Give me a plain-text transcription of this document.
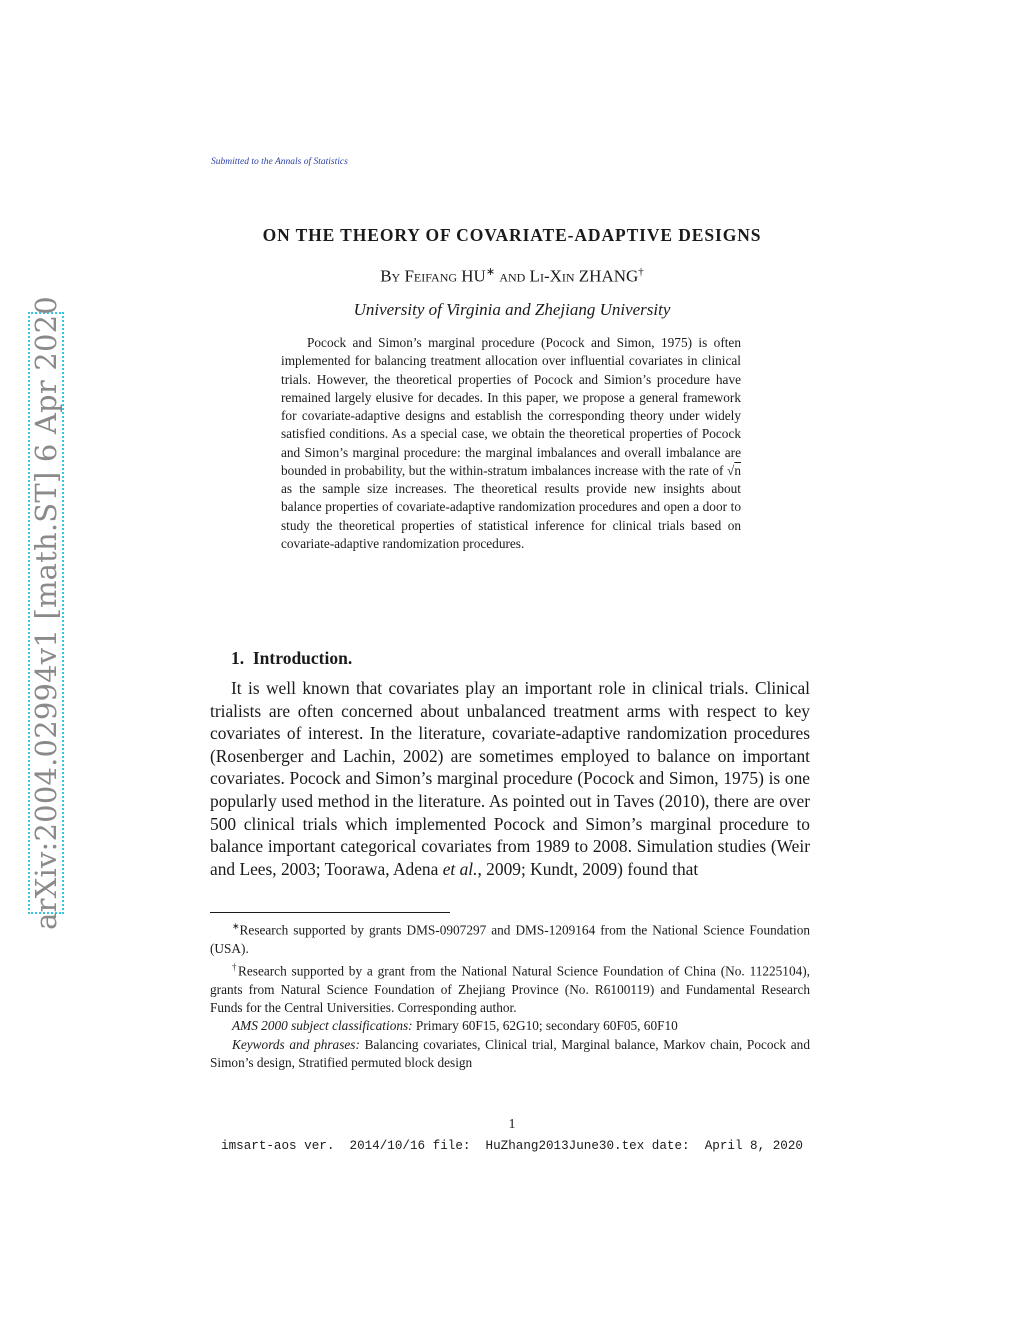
arXiv:2004.02994v1 [math.ST] 6 Apr 2020
Submitted to the Annals of Statistics
ON THE THEORY OF COVARIATE-ADAPTIVE DESIGNS
By Feifang HU∗ and Li-Xin ZHANG†
University of Virginia and Zhejiang University
Pocock and Simon’s marginal procedure (Pocock and Simon, 1975) is often implemented for balancing treatment allocation over influential covariates in clinical trials. However, the theoretical properties of Pocock and Simion’s procedure have remained largely elusive for decades. In this paper, we propose a general framework for covariate-adaptive designs and establish the corresponding theory under widely satisfied conditions. As a special case, we obtain the theoretical properties of Pocock and Simon’s marginal procedure: the marginal imbalances and overall imbalance are bounded in probability, but the within-stratum imbalances increase with the rate of √n as the sample size increases. The theoretical results provide new insights about balance properties of covariate-adaptive randomization procedures and open a door to study the theoretical properties of statistical inference for clinical trials based on covariate-adaptive randomization procedures.
1. Introduction.
It is well known that covariates play an important role in clinical trials. Clinical trialists are often concerned about unbalanced treatment arms with respect to key covariates of interest. In the literature, covariate-adaptive randomization procedures (Rosenberger and Lachin, 2002) are sometimes employed to balance on important covariates. Pocock and Simon’s marginal procedure (Pocock and Simon, 1975) is one popularly used method in the literature. As pointed out in Taves (2010), there are over 500 clinical trials which implemented Pocock and Simon’s marginal procedure to balance important categorical covariates from 1989 to 2008. Simulation studies (Weir and Lees, 2003; Toorawa, Adena et al., 2009; Kundt, 2009) found that

∗Research supported by grants DMS-0907297 and DMS-1209164 from the National Science Foundation (USA).

†Research supported by a grant from the National Natural Science Foundation of China (No. 11225104), grants from Natural Science Foundation of Zhejiang Province (No. R6100119) and Fundamental Research Funds for the Central Universities. Corresponding author.

AMS 2000 subject classifications: Primary 60F15, 62G10; secondary 60F05, 60F10

Keywords and phrases: Balancing covariates, Clinical trial, Marginal balance, Markov chain, Pocock and Simon’s design, Stratified permuted block design

1
imsart-aos ver.  2014/10/16 file:  HuZhang2013June30.tex date:  April 8, 2020
